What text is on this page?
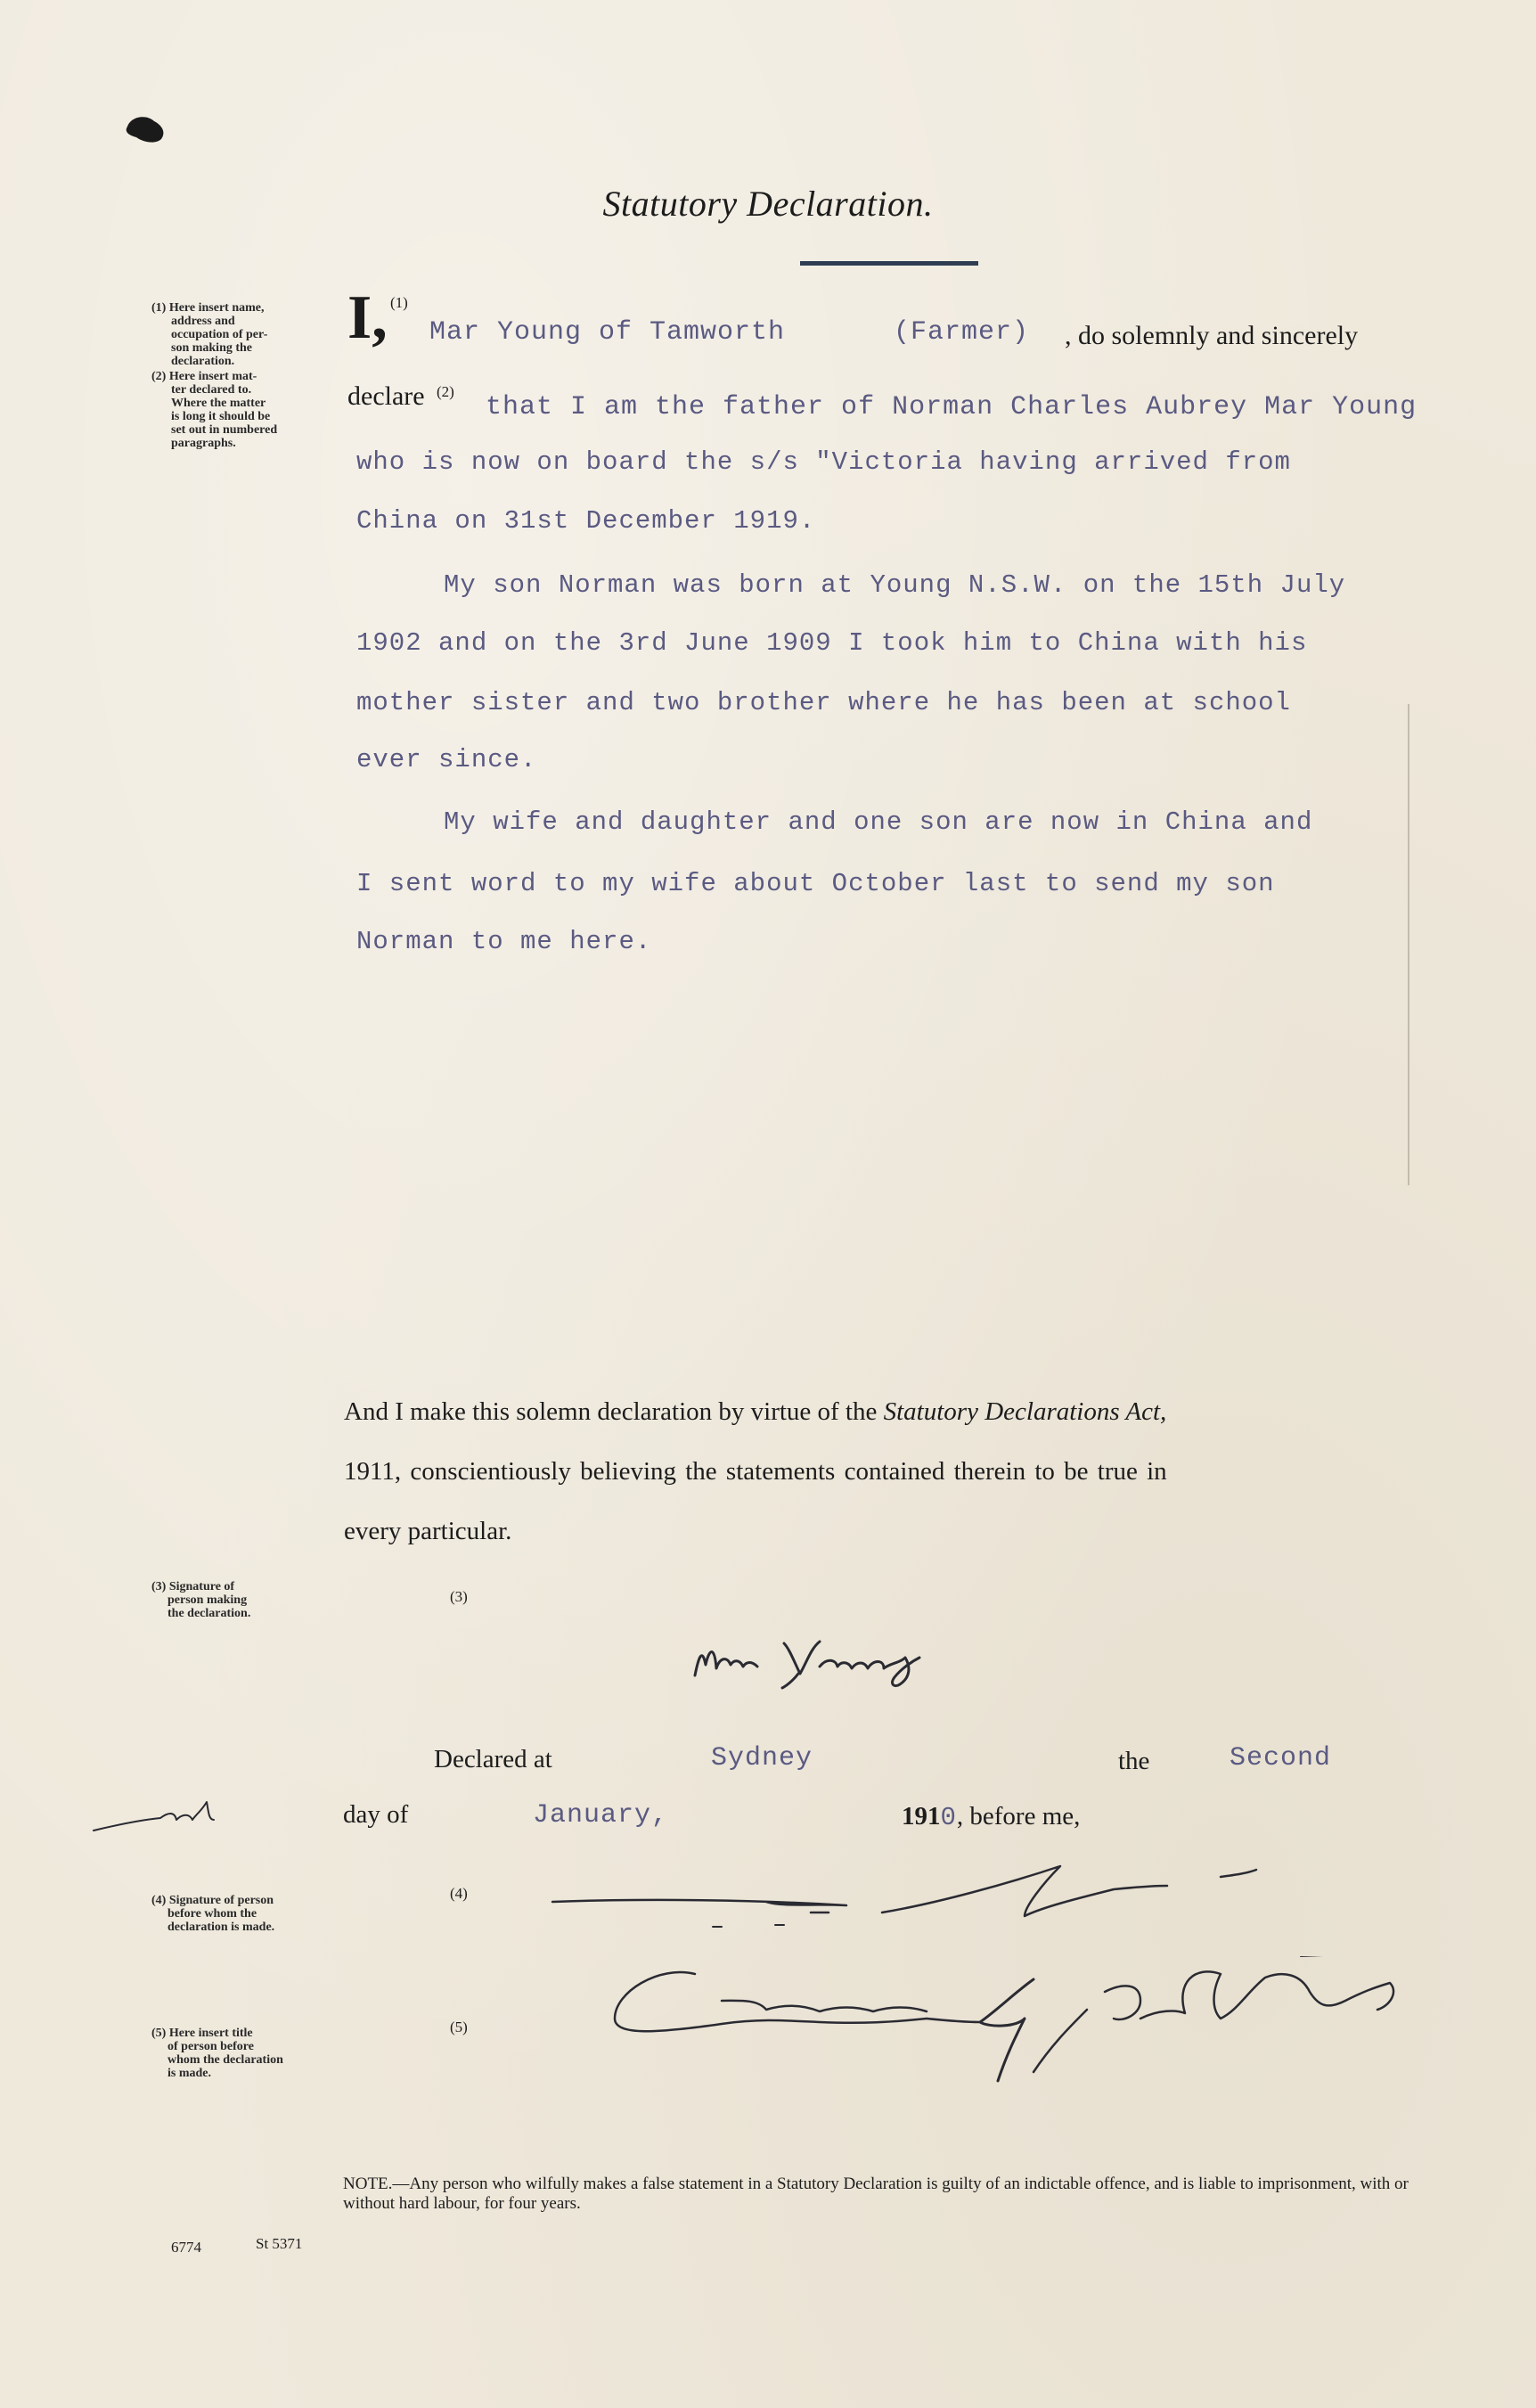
Statutory Declaration.
(1) Here insert name,
address and
occupation of per-
son making the
declaration.
(2) Here insert mat-
ter declared to.
Where the matter
is long it should be
set out in numbered
paragraphs.
I, (1)
Mar Young of Tamworth	(Farmer) , do solemnly and sincerely
declare (2)
that I am the father of Norman Charles Aubrey Mar Young
who is now on board the s/s "Victoria having arrived from
China on 31st December 1919.
My son Norman was born at Young N.S.W. on the 15th July
1902 and on the 3rd June 1909 I took him to China with his
mother sister and two brother where he has been at school
ever since.
My wife and daughter and one son are now in China and
I sent word to my wife about October last to send my son
Norman to me here.
And I make this solemn declaration by virtue of the Statutory Declarations Act,
1911, conscientiously believing the statements contained therein to be true in
every particular.
(3) Signature of
person making
the declaration.
(3)
Declared at	Sydney	the	Second
day of	January,	1910, before me,
(4) Signature of person
before whom the
declaration is made.
(4)
(5) Here insert title
of person before
whom the declaration
is made.
(5)
NOTE.—Any person who wilfully makes a false statement in a Statutory Declaration is guilty of an indictable offence, and is liable to imprisonment, with or without hard labour, for four years.
6774	St 5371
